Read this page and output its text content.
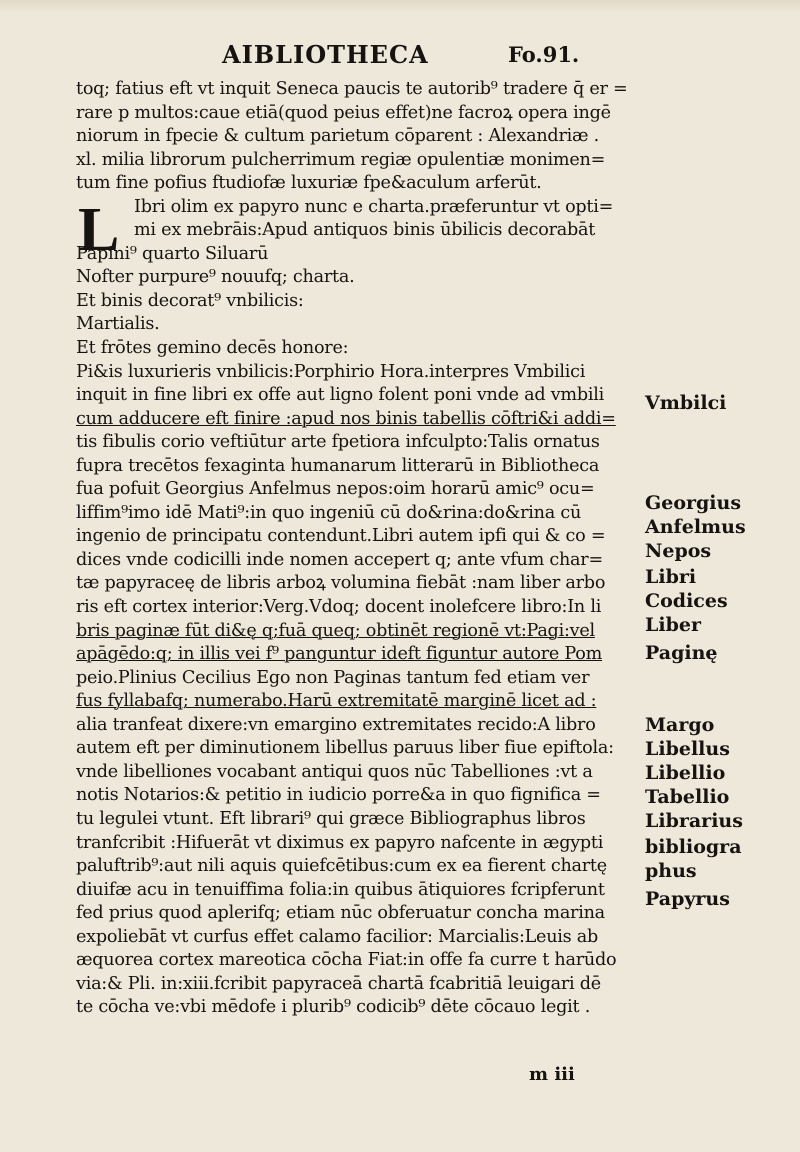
AIBLIOTHECA	Fo.91.
L
toq; fatius eft vt inquit Seneca paucis te autorib⁹ tradere q̄ er =
rare p multos:caue etiā(quod peius effet)ne facroꝝ opera ingē
niorum in fpecie & cultum parietum cōparent : Alexandriæ .
xl. milia librorum pulcherrimum regiæ opulentiæ monimen=
tum fine pofius ftudiofæ luxuriæ fpe&aculum arferūt.
Ibri olim ex papyro nunc e charta.præferuntur vt opti=
mi ex mebrāis:Apud antiquos binis ūbilicis decorabāt
Papini⁹ quarto Siluarū
Nofter purpure⁹ nouufq; charta.
Et binis decorat⁹ vnbilicis:
Martialis.
Et frōtes gemino decēs honore:
Pi&is luxurieris vnbilicis:Porphirio Hora.interpres Vmbilici
inquit in fine libri ex offe aut ligno folent poni vnde ad vmbili
cum adducere eft finire :apud nos binis tabellis cōftri&i addi=
tis fibulis corio veftiūtur arte fpetiora infculpto:Talis ornatus
fupra trecētos fexaginta humanarum litterarū in Bibliotheca
fua pofuit Georgius Anfelmus nepos:oim horarū amic⁹ ocu=
liffim⁹imo idē Mati⁹:in quo ingeniū cū do&rina:do&rina cū
ingenio de principatu contendunt.Libri autem ipfi qui & co =
dices vnde codicilli inde nomen accepert q; ante vfum char=
tæ papyraceę de libris arboꝝ volumina fiebāt :nam liber arbo
ris eft cortex interior:Verg.Vdoq; docent inolefcere libro:In li
bris paginæ fūt di&ę q;fuā queq; obtinēt regionē vt:Pagi:vel
apāgēdo:q; in illis vei f⁹ panguntur ideft figuntur autore Pom
peio.Plinius Cecilius Ego non Paginas tantum fed etiam ver
fus fyllabafq; numerabo.Harū extremitatē marginē licet ad :
alia tranfeat dixere:vn emargino extremitates recido:A libro
autem eft per diminutionem libellus paruus liber fiue epiftola:
vnde libelliones vocabant antiqui quos nūc Tabelliones :vt a
notis Notarios:& petitio in iudicio porre&a in quo fignifica =
tu legulei vtunt. Eft librari⁹ qui græce Bibliographus libros
tranfcribit :Hifuerāt vt diximus ex papyro nafcente in ægypti
paluftrib⁹:aut nili aquis quiefcētibus:cum ex ea fierent chartę
diuifæ acu in tenuiffima folia:in quibus ātiquiores fcripferunt
fed prius quod aplerifq; etiam nūc obferuatur concha marina
expoliebāt vt curfus effet calamo facilior: Marcialis:Leuis ab
æquorea cortex mareotica cōcha Fiat:in offe fa curre t harūdo
via:& Pli. in:xiii.fcribit papyraceā chartā fcabritiā leuigari dē
te cōcha ve:vbi mēdofe i plurib⁹ codicib⁹ dēte cōcauo legit .
Vmbilci
Georgius
Anfelmus
Nepos
Libri
Codices
Liber
Paginę
Margo
Libellus
Libellio
Tabellio
Librarius
bibliogra
phus
Papyrus
m iii
